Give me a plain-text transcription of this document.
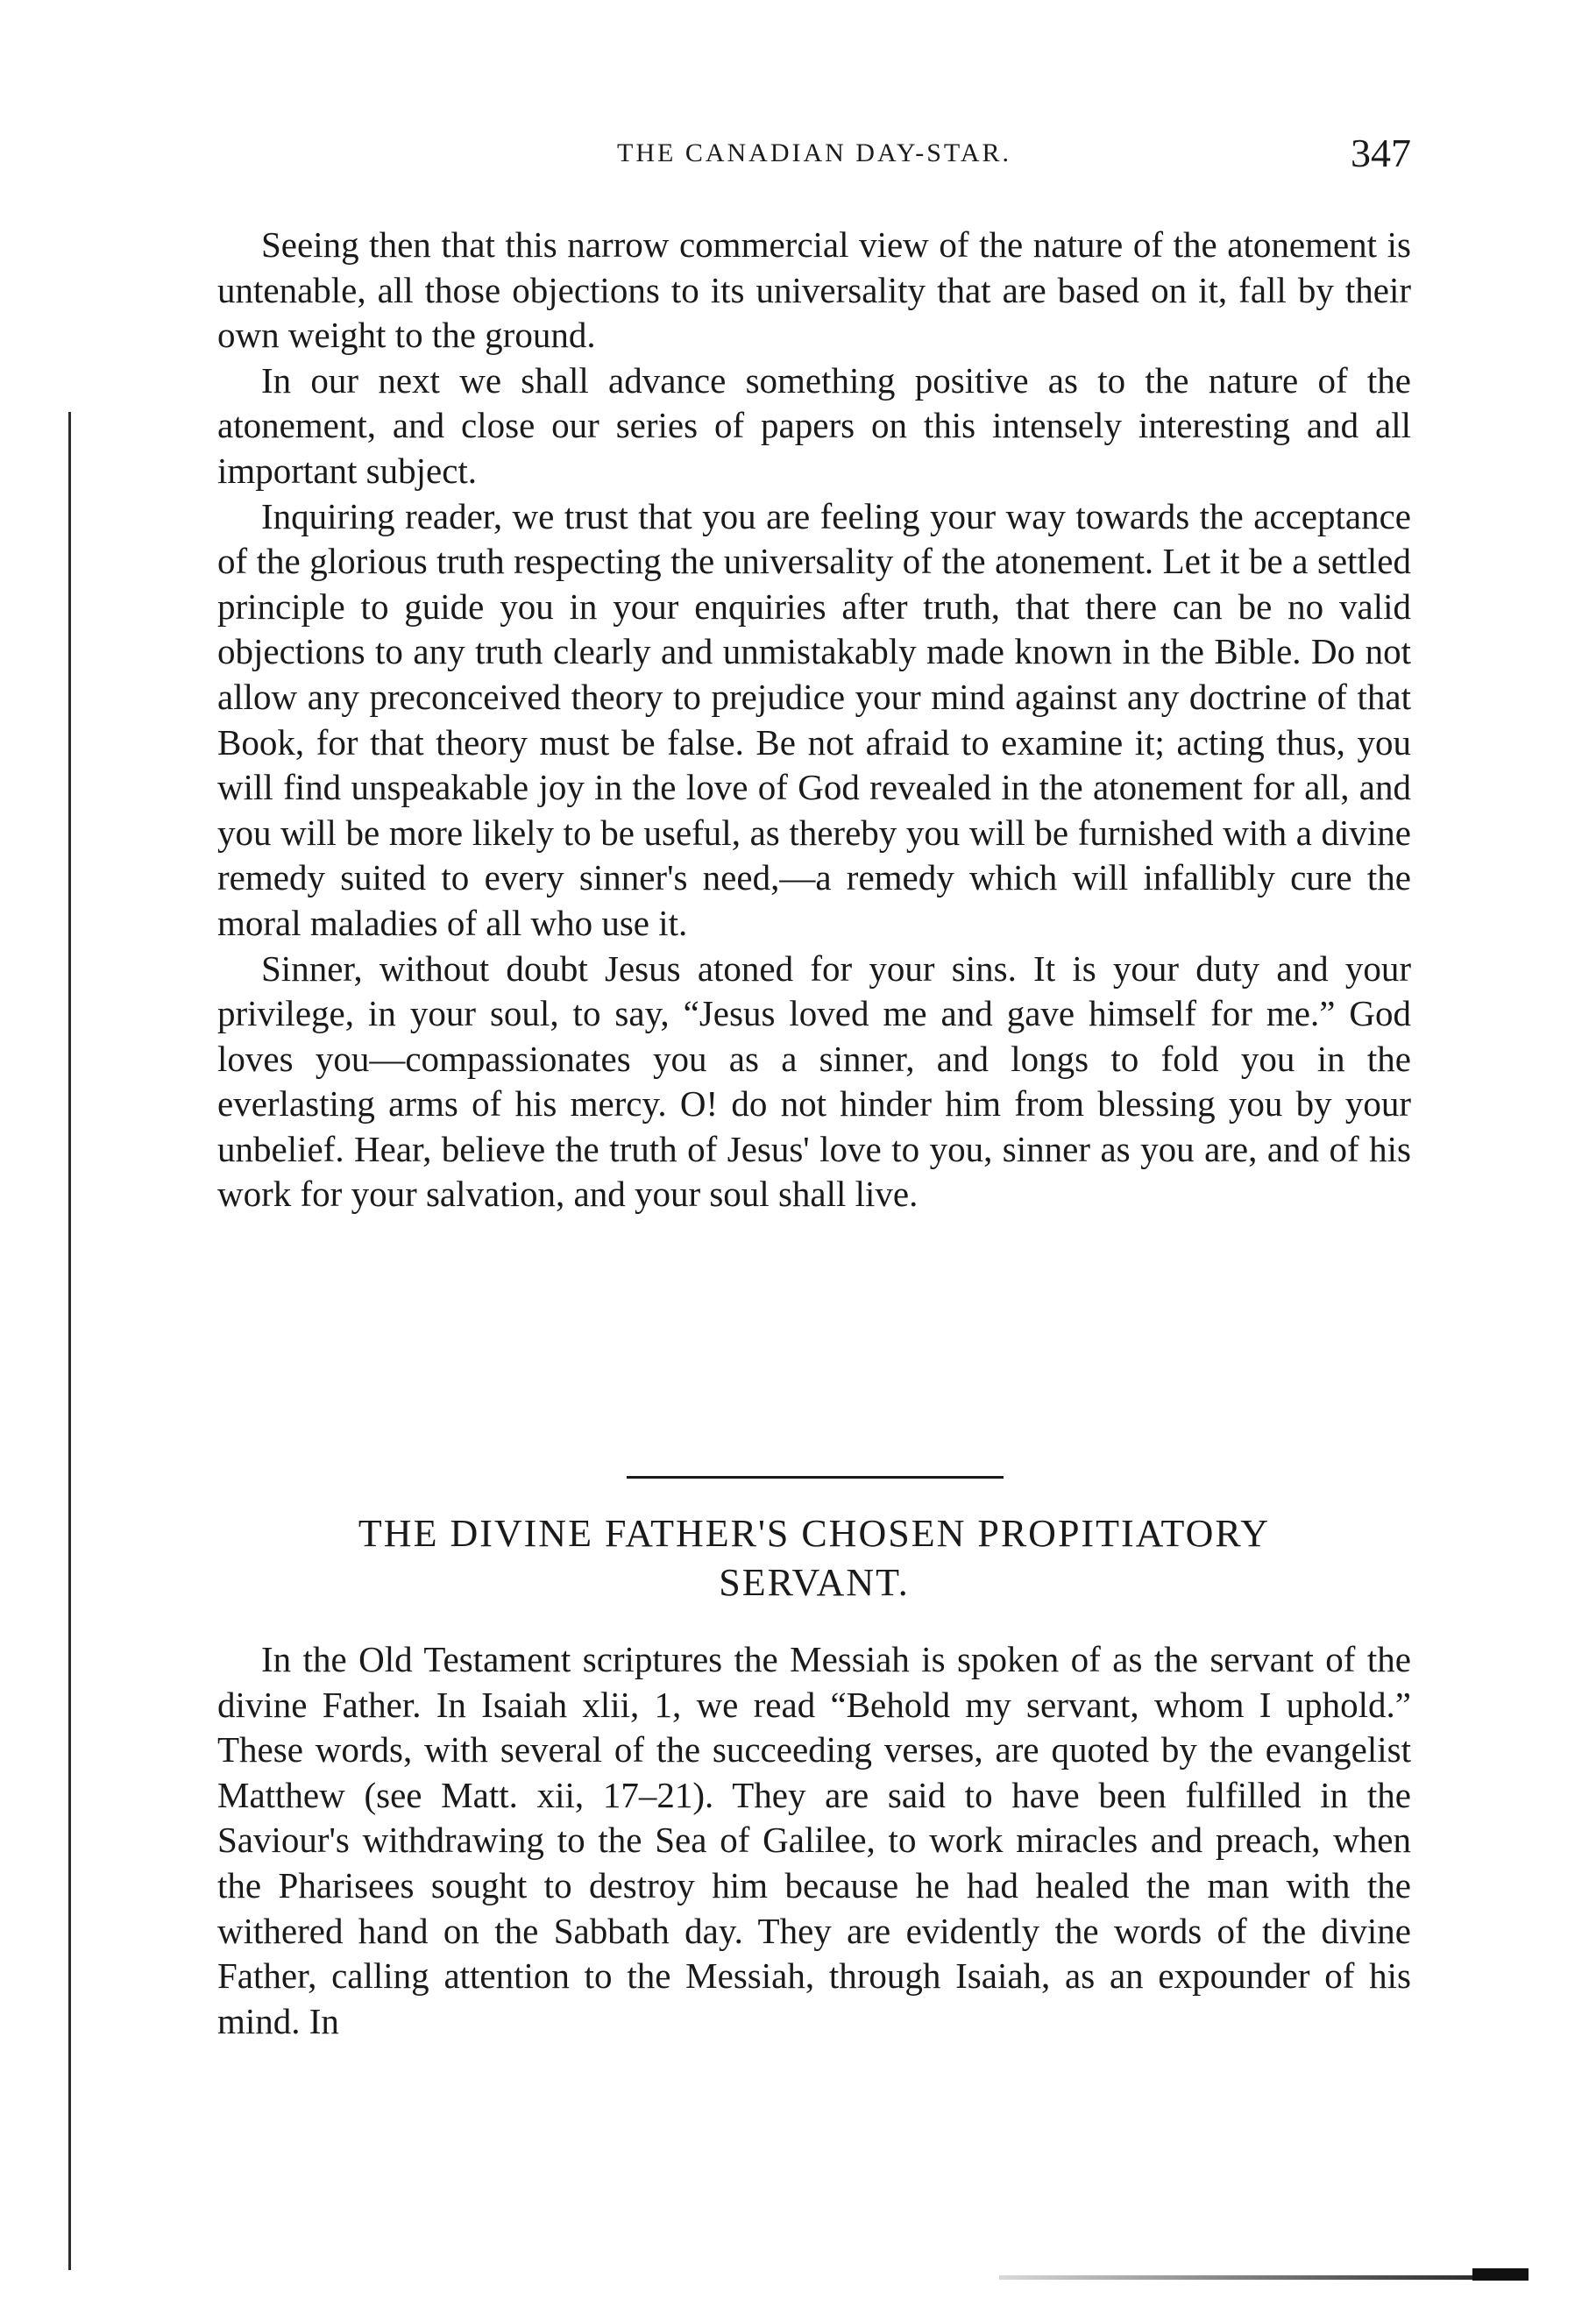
THE CANADIAN DAY-STAR.	347

Seeing then that this narrow commercial view of the nature of the atonement is untenable, all those objections to its universality that are based on it, fall by their own weight to the ground.

In our next we shall advance something positive as to the nature of the atonement, and close our series of papers on this intensely interesting and all important subject.

Inquiring reader, we trust that you are feeling your way towards the acceptance of the glorious truth respecting the universality of the atonement. Let it be a settled principle to guide you in your enquiries after truth, that there can be no valid objections to any truth clearly and unmistakably made known in the Bible. Do not allow any preconceived theory to prejudice your mind against any doctrine of that Book, for that theory must be false. Be not afraid to examine it; acting thus, you will find unspeakable joy in the love of God revealed in the atonement for all, and you will be more likely to be useful, as thereby you will be furnished with a divine remedy suited to every sinner's need,—a remedy which will infallibly cure the moral maladies of all who use it.

Sinner, without doubt Jesus atoned for your sins. It is your duty and your privilege, in your soul, to say, “Jesus loved me and gave himself for me.” God loves you—compassionates you as a sinner, and longs to fold you in the everlasting arms of his mercy. O! do not hinder him from blessing you by your unbelief. Hear, believe the truth of Jesus' love to you, sinner as you are, and of his work for your salvation, and your soul shall live.

THE DIVINE FATHER'S CHOSEN PROPITIATORY
SERVANT.

In the Old Testament scriptures the Messiah is spoken of as the servant of the divine Father. In Isaiah xlii, 1, we read “Behold my servant, whom I uphold.” These words, with several of the succeeding verses, are quoted by the evangelist Matthew (see Matt. xii, 17–21). They are said to have been fulfilled in the Saviour's withdrawing to the Sea of Galilee, to work miracles and preach, when the Pharisees sought to destroy him because he had healed the man with the withered hand on the Sabbath day. They are evidently the words of the divine Father, calling attention to the Messiah, through Isaiah, as an expounder of his mind. In
